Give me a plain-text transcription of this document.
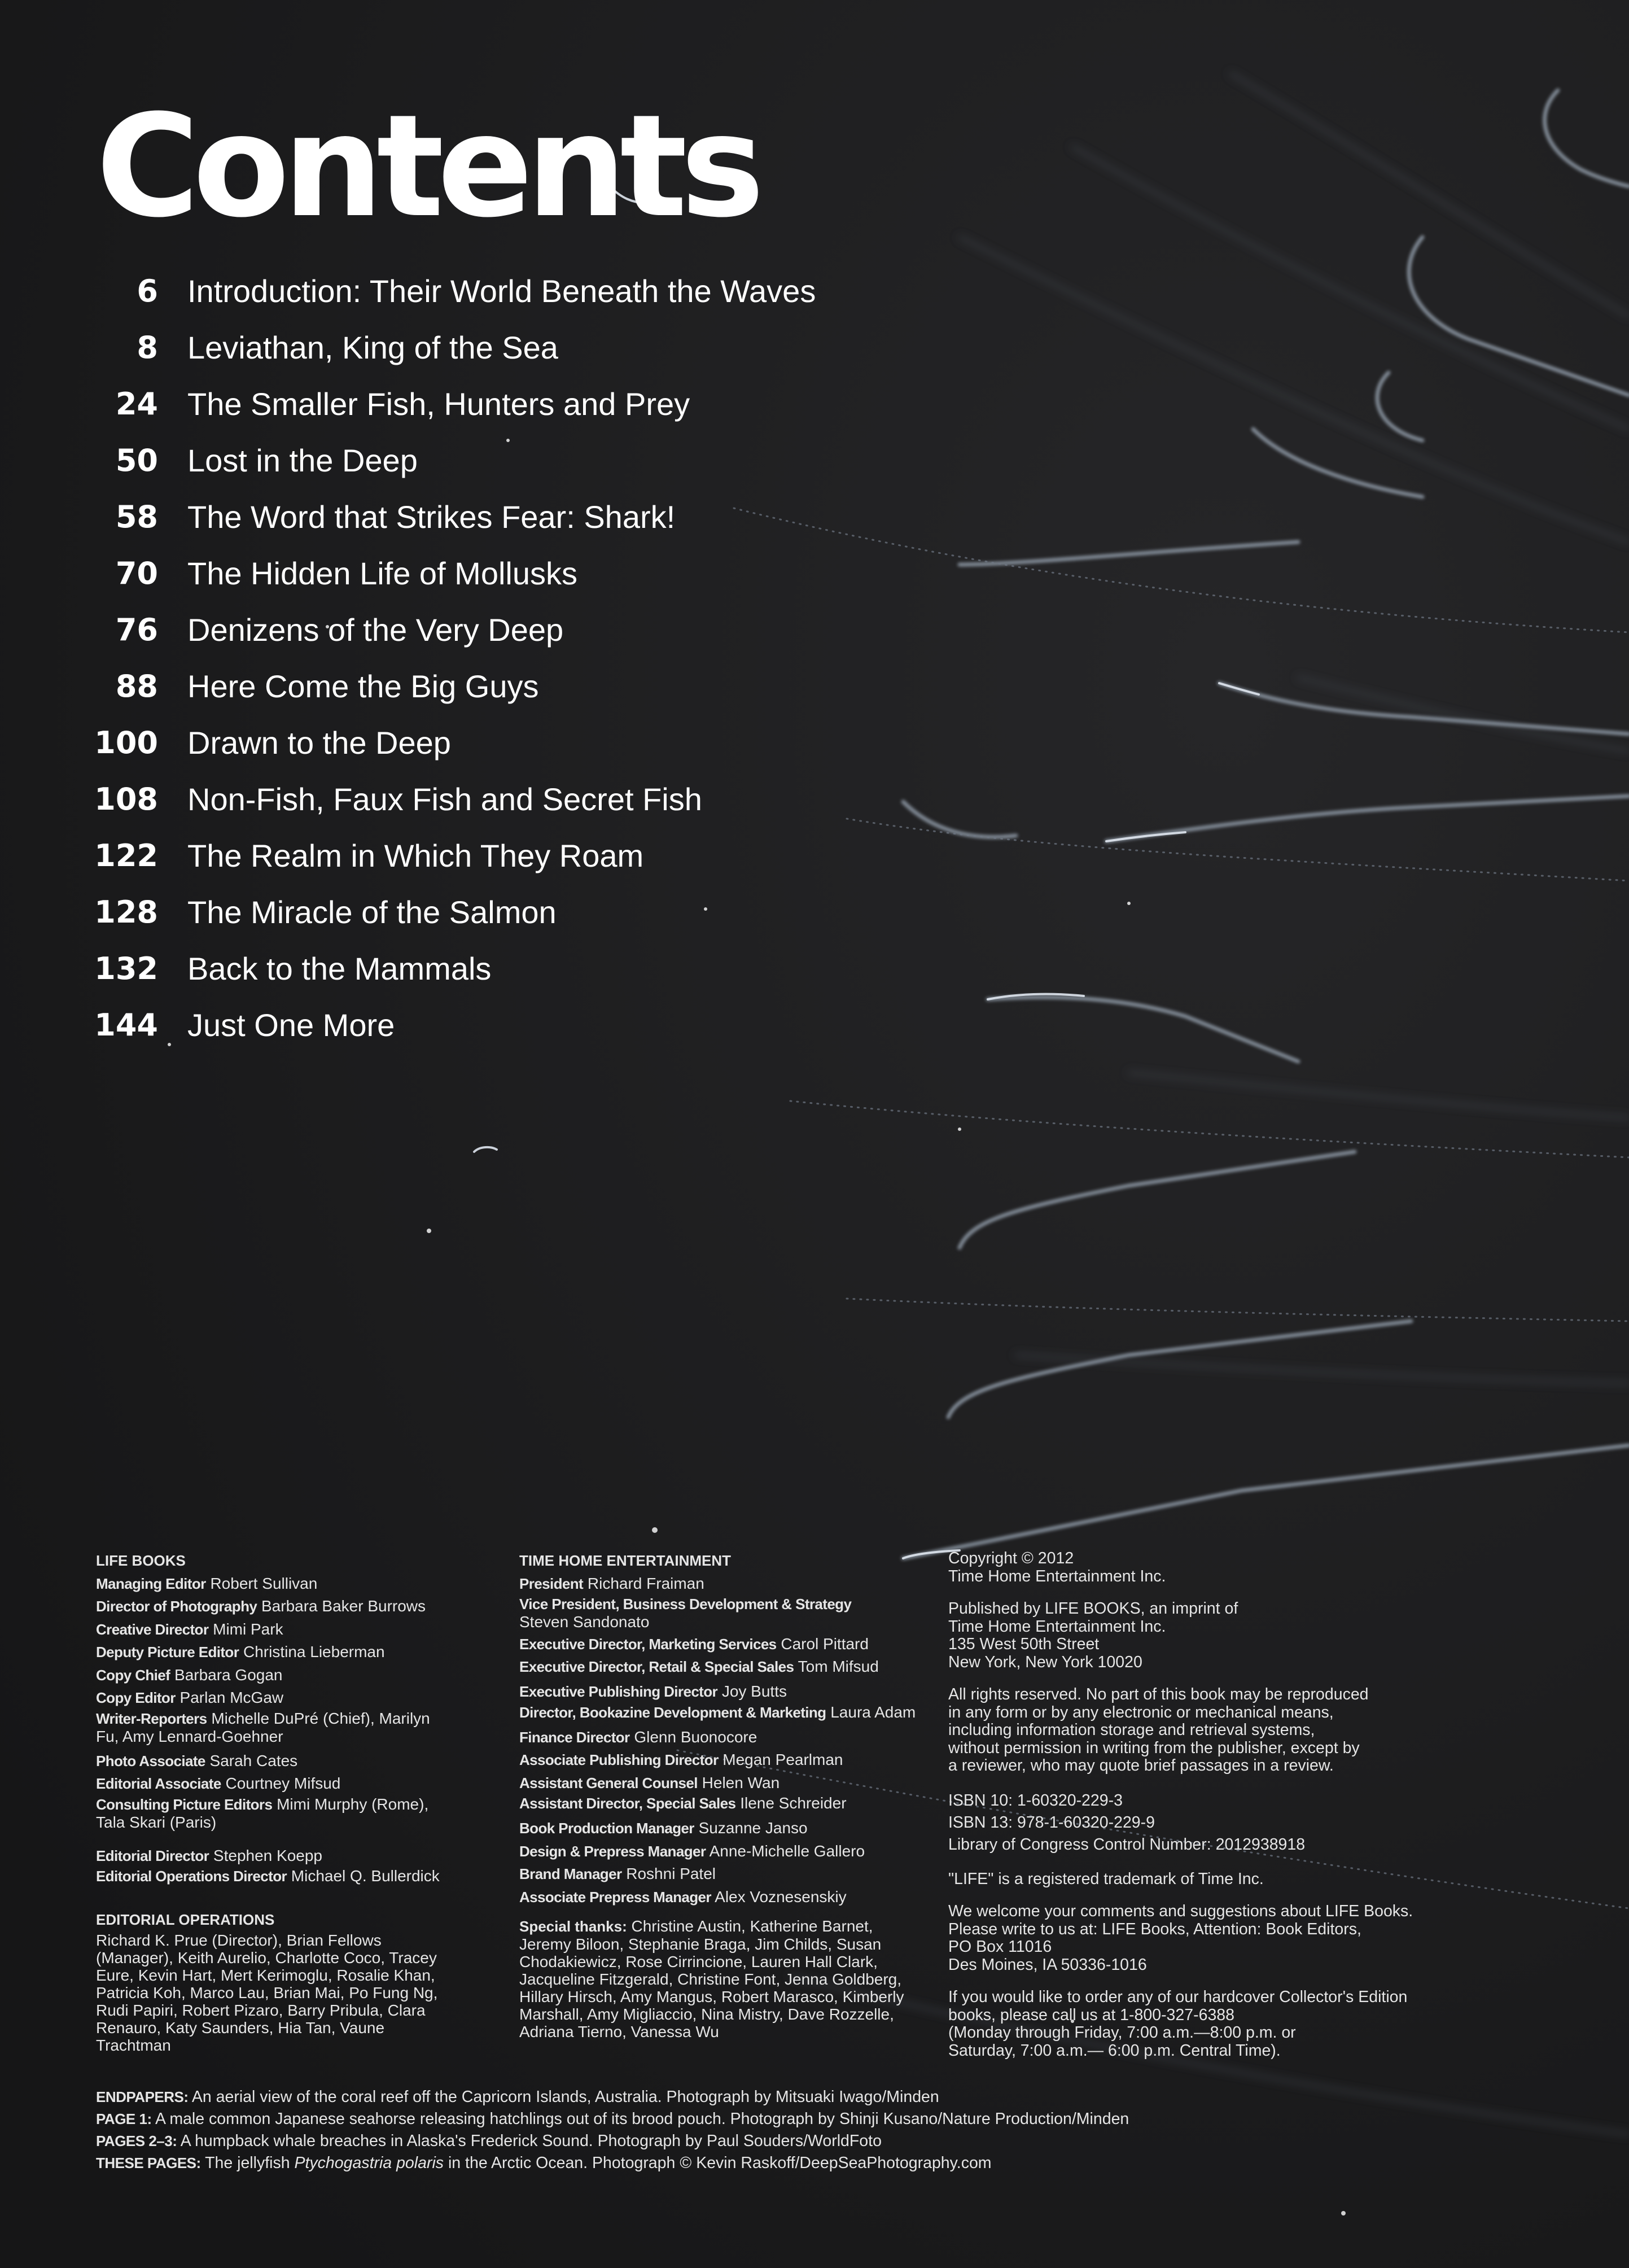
Contents
6 Introduction: Their World Beneath the Waves
8 Leviathan, King of the Sea
24 The Smaller Fish, Hunters and Prey
50 Lost in the Deep
58 The Word that Strikes Fear: Shark!
70 The Hidden Life of Mollusks
76 Denizens of the Very Deep
88 Here Come the Big Guys
100 Drawn to the Deep
108 Non-Fish, Faux Fish and Secret Fish
122 The Realm in Which They Roam
128 The Miracle of the Salmon
132 Back to the Mammals
144 Just One More
LIFE BOOKS
Managing Editor Robert Sullivan
Director of Photography Barbara Baker Burrows
Creative Director Mimi Park
Deputy Picture Editor Christina Lieberman
Copy Chief Barbara Gogan
Copy Editor Parlan McGaw
Writer-Reporters Michelle DuPré (Chief), Marilyn Fu, Amy Lennard-Goehner
Photo Associate Sarah Cates
Editorial Associate Courtney Mifsud
Consulting Picture Editors Mimi Murphy (Rome), Tala Skari (Paris)
Editorial Director Stephen Koepp
Editorial Operations Director Michael Q. Bullerdick
EDITORIAL OPERATIONS
Richard K. Prue (Director), Brian Fellows (Manager), Keith Aurelio, Charlotte Coco, Tracey Eure, Kevin Hart, Mert Kerimoglu, Rosalie Khan, Patricia Koh, Marco Lau, Brian Mai, Po Fung Ng, Rudi Papiri, Robert Pizaro, Barry Pribula, Clara Renauro, Katy Saunders, Hia Tan, Vaune Trachtman
TIME HOME ENTERTAINMENT
President Richard Fraiman
Vice President, Business Development & Strategy
Steven Sandonato
Executive Director, Marketing Services Carol Pittard
Executive Director, Retail & Special Sales Tom Mifsud
Executive Publishing Director Joy Butts
Director, Bookazine Development & Marketing Laura Adam
Finance Director Glenn Buonocore
Associate Publishing Director Megan Pearlman
Assistant General Counsel Helen Wan
Assistant Director, Special Sales Ilene Schreider
Book Production Manager Suzanne Janso
Design & Prepress Manager Anne-Michelle Gallero
Brand Manager Roshni Patel
Associate Prepress Manager Alex Voznesenskiy
Special thanks: Christine Austin, Katherine Barnet, Jeremy Biloon, Stephanie Braga, Jim Childs, Susan Chodakiewicz, Rose Cirrincione, Lauren Hall Clark, Jacqueline Fitzgerald, Christine Font, Jenna Goldberg, Hillary Hirsch, Amy Mangus, Robert Marasco, Kimberly Marshall, Amy Migliaccio, Nina Mistry, Dave Rozzelle, Adriana Tierno, Vanessa Wu
Copyright © 2012
Time Home Entertainment Inc.
Published by LIFE BOOKS, an imprint of
Time Home Entertainment Inc.
135 West 50th Street
New York, New York 10020
All rights reserved. No part of this book may be reproduced
in any form or by any electronic or mechanical means,
including information storage and retrieval systems,
without permission in writing from the publisher, except by
a reviewer, who may quote brief passages in a review.
ISBN 10: 1-60320-229-3
ISBN 13: 978-1-60320-229-9
Library of Congress Control Number: 2012938918
"LIFE" is a registered trademark of Time Inc.
We welcome your comments and suggestions about LIFE Books.
Please write to us at: LIFE Books, Attention: Book Editors,
PO Box 11016
Des Moines, IA 50336-1016
If you would like to order any of our hardcover Collector's Edition
books, please call us at 1-800-327-6388
(Monday through Friday, 7:00 a.m.—8:00 p.m. or
Saturday, 7:00 a.m.— 6:00 p.m. Central Time).
ENDPAPERS: An aerial view of the coral reef off the Capricorn Islands, Australia. Photograph by Mitsuaki Iwago/Minden
PAGE 1: A male common Japanese seahorse releasing hatchlings out of its brood pouch. Photograph by Shinji Kusano/Nature Production/Minden
PAGES 2–3: A humpback whale breaches in Alaska's Frederick Sound. Photograph by Paul Souders/WorldFoto
THESE PAGES: The jellyfish Ptychogastria polaris in the Arctic Ocean. Photograph © Kevin Raskoff/DeepSeaPhotography.com
